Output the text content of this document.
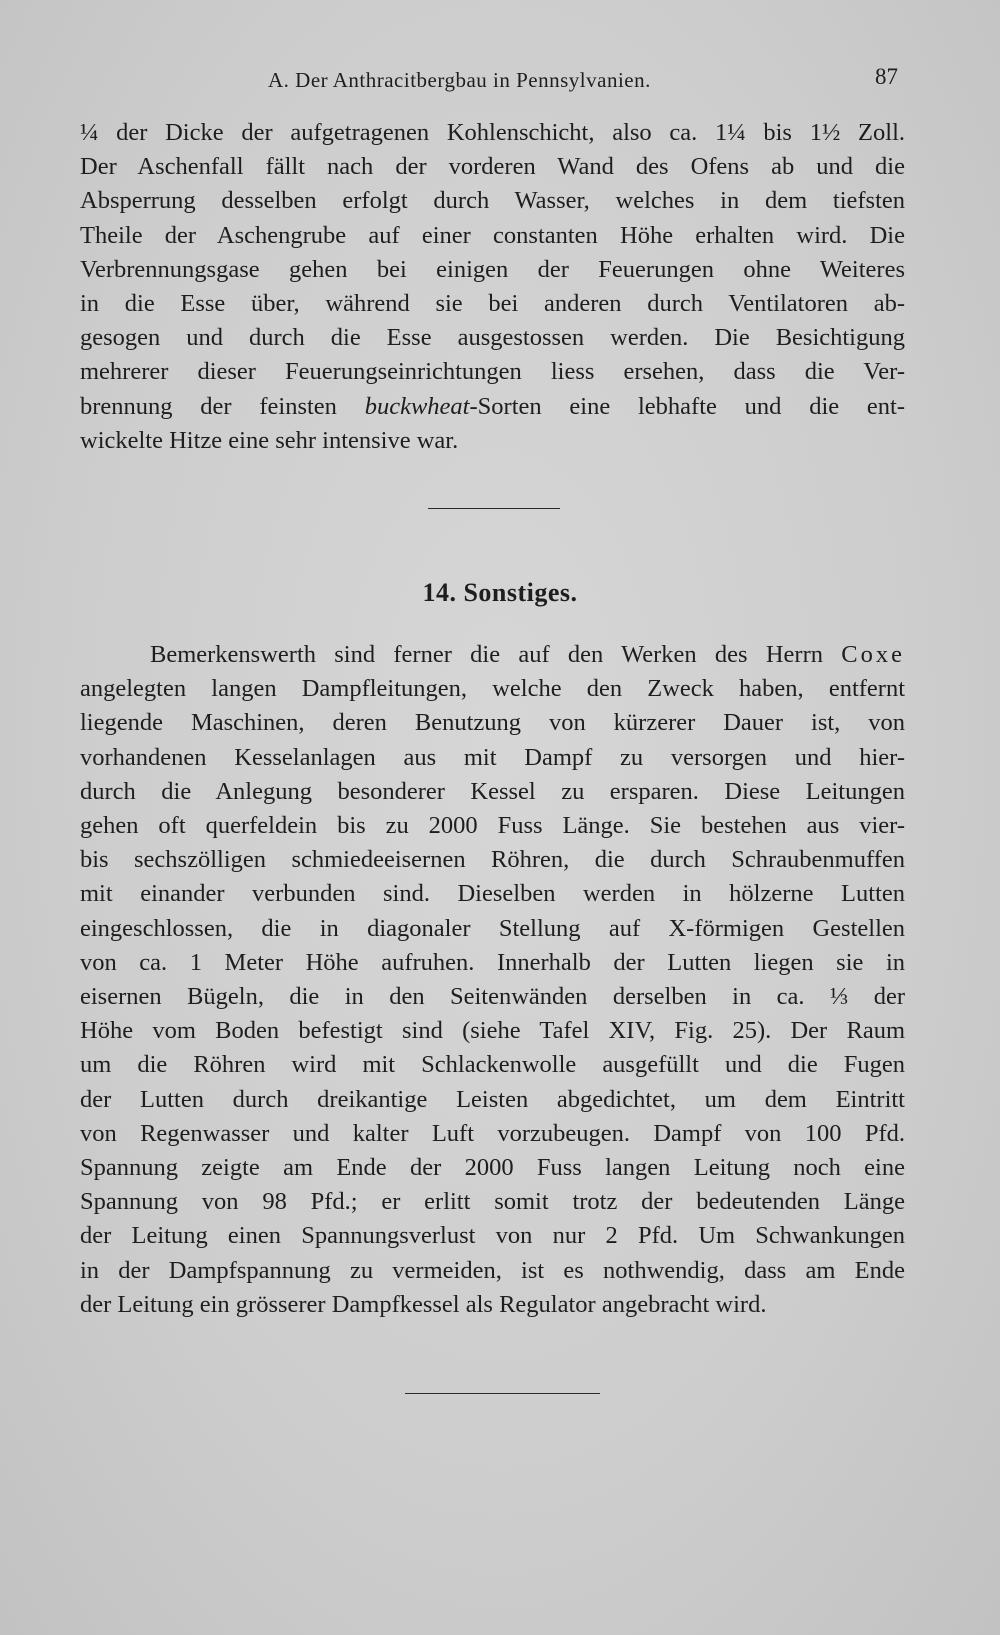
A. Der Anthracitbergbau in Pennsylvanien.	87

¼ der Dicke der aufgetragenen Kohlenschicht, also ca. 1¼ bis 1½ Zoll.

Der Aschenfall fällt nach der vorderen Wand des Ofens ab und die

Absperrung desselben erfolgt durch Wasser, welches in dem tiefsten

Theile der Aschengrube auf einer constanten Höhe erhalten wird. Die

Verbrennungsgase gehen bei einigen der Feuerungen ohne Weiteres

in die Esse über, während sie bei anderen durch Ventilatoren ab-

gesogen und durch die Esse ausgestossen werden. Die Besichtigung

mehrerer dieser Feuerungseinrichtungen liess ersehen, dass die Ver-

brennung der feinsten buckwheat-Sorten eine lebhafte und die ent-

wickelte Hitze eine sehr intensive war.

14. Sonstiges.

Bemerkenswerth sind ferner die auf den Werken des Herrn Coxe

angelegten langen Dampfleitungen, welche den Zweck haben, entfernt

liegende Maschinen, deren Benutzung von kürzerer Dauer ist, von

vorhandenen Kesselanlagen aus mit Dampf zu versorgen und hier-

durch die Anlegung besonderer Kessel zu ersparen. Diese Leitungen

gehen oft querfeldein bis zu 2000 Fuss Länge. Sie bestehen aus vier-

bis sechszölligen schmiedeeisernen Röhren, die durch Schraubenmuffen

mit einander verbunden sind. Dieselben werden in hölzerne Lutten

eingeschlossen, die in diagonaler Stellung auf X-förmigen Gestellen

von ca. 1 Meter Höhe aufruhen. Innerhalb der Lutten liegen sie in

eisernen Bügeln, die in den Seitenwänden derselben in ca. ⅓ der

Höhe vom Boden befestigt sind (siehe Tafel XIV, Fig. 25). Der Raum

um die Röhren wird mit Schlackenwolle ausgefüllt und die Fugen

der Lutten durch dreikantige Leisten abgedichtet, um dem Eintritt

von Regenwasser und kalter Luft vorzubeugen. Dampf von 100 Pfd.

Spannung zeigte am Ende der 2000 Fuss langen Leitung noch eine

Spannung von 98 Pfd.; er erlitt somit trotz der bedeutenden Länge

der Leitung einen Spannungsverlust von nur 2 Pfd. Um Schwankungen

in der Dampfspannung zu vermeiden, ist es nothwendig, dass am Ende

der Leitung ein grösserer Dampfkessel als Regulator angebracht wird.
